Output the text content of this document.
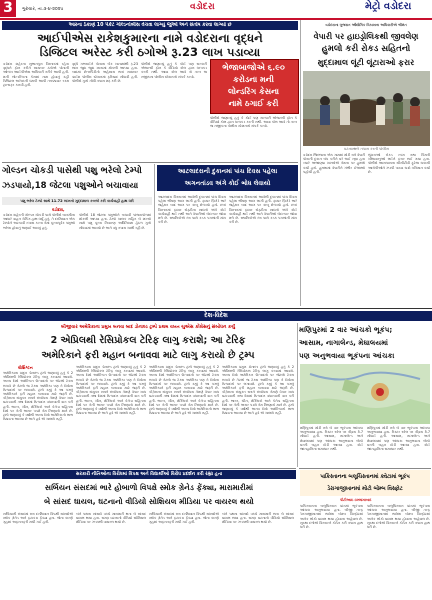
3	ગુરુવાર, તા.૩-૪-૨૦૨૫	વડોદરા	મેટ્રો વડોદરા
આરના ઠેકાણે 10 પેકેટ ગોલ્ડનોબીસ વેચવા લાગ્યું જુઓ અને સંતોષ કરવા લાગ્યો છે
આઈપીએસ રાકેશકુમારના નામે વડોદરાના વૃદ્ધને
ડિજિટલ અરેસ્ટ કરી ઠગોએ રૂ.23 લાખ પડાવ્યા

વડોદરા શહેરના સુભાનપુરા વિસ્તારમાં રહેતા વૃદ્ધને ફોન કરીને સાયબર ઠગોએ પોતાની ઓળખ આઈપીએસ અધિકારી તરીકે આપી હતી. મની લોન્ડરિંગના કેસમાં નામ હોવાનું કહી ડિજિટલ અરેસ્ટની ધમકી આપી તબક્કાવાર રકમ ટ્રાન્સફર કરાવી હતી.

વૃદ્ધે ગભરાઈને પોતાના બેંક ખાતામાંથી રૂ.23 લાખ જુદા જુદા ખાતામાં મોકલી આપ્યા હતા. બાદમાં છેતરપિંડીનો અહેસાસ થતાં સાયબર ક્રાઈમ પોલીસ સ્ટેશનમાં ફરિયાદ નોંધાવી હતી. પોલીસે ગુનો નોંધી તપાસ શરૂ કરી છે.

પોલીસે જણાવ્યું હતું કે કોઈ પણ સરકારી એજન્સી ફોન કે વીડિયો કોલ દ્વારા ધરપકડ કરતી નથી. આવા કોલ આવે તો તરત જ નજીકના પોલીસ સ્ટેશનનો સંપર્ક કરવો.

ભેજાબાજોએ ૬.૯૦
કરોડના મની
લોન્ડરિંગ કેસના
નામે ઠગાઈ કરી

પોલીસે જણાવ્યું હતું કે કોઈ પણ સરકારી એજન્સી ફોન કે વીડિયો કોલ દ્વારા ધરપકડ કરતી નથી. આવા કોલ આવે તો તરત જ નજીકના પોલીસ સ્ટેશનનો સંપર્ક કરવો.

ગોલ્ડન ચોકડી પાસેથી પશુ ભરેલો ટેમ્પો
ઝડપાયો,18 જેટલા પશુઓને બચાવાયા
પશુ ભરેલ ટેમ્પો સાથે 11.72 લાખનો મુદ્દામાલ કબજે કરી કાર્યવાહી હાથ ધરી
વડોદરા,

વડોદરા શહેરની ગોલ્ડન ચોકડી પાસે પોલીસે બાતમીના આધારે વાહન ચેકિંગ હાથ ધર્યું હતું. તે દરમિયાન એક ટેમ્પોને અટકાવી તપાસ કરતા તેમાં ક્રૂરતાપૂર્વક પશુઓ ભરેલા હોવાનું જણાઈ આવ્યું હતું.

પોલીસે 18 જેટલા પશુઓને બચાવી પાંજરાપોળમાં મોકલી આપ્યા હતા. ટેમ્પો ચાલક સહિત બે શખ્સો સામે પશુ ક્રૂરતા નિવારણ અધિનિયમ હેઠળ ગુનો નોંધવામાં આવ્યો છે અને વધુ તપાસ ચાલી રહી છે.

આટલાદરાની દુકાનમાં પાંચ દિવસ પહેલા
અગનતાંડવ અંગે કોઈ બોધ લેવાયો

આટલાદરા વિસ્તારમાં આવેલી દુકાનમાં પાંચ દિવસ પહેલા ભીષણ આગ લાગી હતી. ફાયર બ્રિગેડે ભારે જહેમત બાદ આગ પર કાબૂ મેળવ્યો હતો. છતાં વિસ્તારમાં ફાયર સેફ્ટીના સાધનો અંગે કોઈ કાર્યવાહી થઈ નથી અને વેપારીઓ બેદરકાર જોવા મળે છે. સ્થાનિકોએ તંત્ર પાસે કડક પગલાંની માંગ કરી છે.

આટલાદરા વિસ્તારમાં આવેલી દુકાનમાં પાંચ દિવસ પહેલા ભીષણ આગ લાગી હતી. ફાયર બ્રિગેડે ભારે જહેમત બાદ આગ પર કાબૂ મેળવ્યો હતો. છતાં વિસ્તારમાં ફાયર સેફ્ટીના સાધનો અંગે કોઈ કાર્યવાહી થઈ નથી અને વેપારીઓ બેદરકાર જોવા મળે છે. સ્થાનિકોએ તંત્ર પાસે કડક પગલાંની માંગ કરી છે.

વડોદરાના ગુજરાત ઔદ્યોગિક વિકાસના અધિકારીએ શ્રીમંત
વેપારી પર હાઇડ્રોલિકથી જીવલેણ
હુમલો કરી રોકડ સહિતનો
મુદ્દામાલ લૂંટી લૂંટારાઓ ફરાર
ઘટનાસ્થળે તપાસ કરતી પોલીસ

વડોદરા જિલ્લાના એક ગામમાં મોડી રાત્રે વેપારી પોતાની દુકાન બંધ કરીને ઘરે જઈ રહ્યા હતા ત્યારે અજાણ્યા શખ્સોએ તેમના પર હુમલો કર્યો હતો. હુમલામાં વેપારીને ગંભીર ઈજાઓ પહોંચી હતી.

લૂંટારાઓ રોકડ રકમ તથા કિંમતી ચીજવસ્તુઓ લઈને ફરાર થઈ ગયા હતા. પોલીસે આસપાસના સીસીટીવી ફૂટેજ ચકાસી આરોપીઓને ઝડપી પાડવા ચક્રો ગતિમાન કર્યા છે.

દેશ-વિદેશ
બીજીવાર અમેરિકાના પ્રમુખ બનવા બાદ ડોનાલ્ડ ટ્રમ્પે પ્રથમ વખત યુએસ કોંગ્રેસનું સંબોધન કર્યું
2 એપ્રિલથી રેસિપ્રોકલ ટેરિફ લાગુ કરાશે; આ ટેરિફ
અમેરિકાને ફરી મહાન બનાવવા માટે લાગુ કરાયો છે ટ્રમ્પ
વોશિંગ્ટન

અમેરિકાના પ્રમુખ ડોનાલ્ડ ટ્રમ્પે જણાવ્યું હતું કે 2 એપ્રિલથી રેસિપ્રોકલ ટેરિફ લાગુ કરવામાં આવશે. અન્ય દેશો અમેરિકન ઉત્પાદનો પર જેટલો ટેક્સ લગાવે છે તેટલો જ ટેક્સ અમેરિકા પણ તે દેશોના ઉત્પાદનો પર લગાવશે. ટ્રમ્પે કહ્યું કે આ પગલું અમેરિકાને ફરી મહાન બનાવવા માટે જરૂરી છે. કોંગ્રેસના સંયુક્ત સત્રને સંબોધતા તેમણે વેપાર ખાધ ઘટાડવાની તથા દેશમાં ઉત્પાદન વધારવાની વાત કરી હતી. ભારત, ચીન, મેક્સિકો અને કેનેડા સહિતના દેશો પર તેની અસર પડશે તેમ નિષ્ણાતો માને છે. ટ્રમ્પે જણાવ્યું કે વર્ષોથી અન્ય દેશો અમેરિકાનો લાભ ઉઠાવતા આવ્યા છે અને હવે એ ચાલશે નહીં.

અમેરિકાના પ્રમુખ ડોનાલ્ડ ટ્રમ્પે જણાવ્યું હતું કે 2 એપ્રિલથી રેસિપ્રોકલ ટેરિફ લાગુ કરવામાં આવશે. અન્ય દેશો અમેરિકન ઉત્પાદનો પર જેટલો ટેક્સ લગાવે છે તેટલો જ ટેક્સ અમેરિકા પણ તે દેશોના ઉત્પાદનો પર લગાવશે. ટ્રમ્પે કહ્યું કે આ પગલું અમેરિકાને ફરી મહાન બનાવવા માટે જરૂરી છે. કોંગ્રેસના સંયુક્ત સત્રને સંબોધતા તેમણે વેપાર ખાધ ઘટાડવાની તથા દેશમાં ઉત્પાદન વધારવાની વાત કરી હતી. ભારત, ચીન, મેક્સિકો અને કેનેડા સહિતના દેશો પર તેની અસર પડશે તેમ નિષ્ણાતો માને છે. ટ્રમ્પે જણાવ્યું કે વર્ષોથી અન્ય દેશો અમેરિકાનો લાભ ઉઠાવતા આવ્યા છે અને હવે એ ચાલશે નહીં.

અમેરિકાના પ્રમુખ ડોનાલ્ડ ટ્રમ્પે જણાવ્યું હતું કે 2 એપ્રિલથી રેસિપ્રોકલ ટેરિફ લાગુ કરવામાં આવશે. અન્ય દેશો અમેરિકન ઉત્પાદનો પર જેટલો ટેક્સ લગાવે છે તેટલો જ ટેક્સ અમેરિકા પણ તે દેશોના ઉત્પાદનો પર લગાવશે. ટ્રમ્પે કહ્યું કે આ પગલું અમેરિકાને ફરી મહાન બનાવવા માટે જરૂરી છે. કોંગ્રેસના સંયુક્ત સત્રને સંબોધતા તેમણે વેપાર ખાધ ઘટાડવાની તથા દેશમાં ઉત્પાદન વધારવાની વાત કરી હતી. ભારત, ચીન, મેક્સિકો અને કેનેડા સહિતના દેશો પર તેની અસર પડશે તેમ નિષ્ણાતો માને છે. ટ્રમ્પે જણાવ્યું કે વર્ષોથી અન્ય દેશો અમેરિકાનો લાભ ઉઠાવતા આવ્યા છે અને હવે એ ચાલશે નહીં.

અમેરિકાના પ્રમુખ ડોનાલ્ડ ટ્રમ્પે જણાવ્યું હતું કે 2 એપ્રિલથી રેસિપ્રોકલ ટેરિફ લાગુ કરવામાં આવશે. અન્ય દેશો અમેરિકન ઉત્પાદનો પર જેટલો ટેક્સ લગાવે છે તેટલો જ ટેક્સ અમેરિકા પણ તે દેશોના ઉત્પાદનો પર લગાવશે. ટ્રમ્પે કહ્યું કે આ પગલું અમેરિકાને ફરી મહાન બનાવવા માટે જરૂરી છે. કોંગ્રેસના સંયુક્ત સત્રને સંબોધતા તેમણે વેપાર ખાધ ઘટાડવાની તથા દેશમાં ઉત્પાદન વધારવાની વાત કરી હતી. ભારત, ચીન, મેક્સિકો અને કેનેડા સહિતના દેશો પર તેની અસર પડશે તેમ નિષ્ણાતો માને છે. ટ્રમ્પે જણાવ્યું કે વર્ષોથી અન્ય દેશો અમેરિકાનો લાભ ઉઠાવતા આવ્યા છે અને હવે એ ચાલશે નહીં.

મણિપુરમાં 2 વાર આંચકો ભૂકંપ;
આસામ, નાગાલેન્ડ, મેઘાલયમાં
પણ અનુભવાયા ભૂકંપના આંચકા

મણિપુરમાં મોડી રાત્રે બે વાર ભૂકંપના આંચકા અનુભવાયા હતા. રિક્ટર સ્કેલ પર તીવ્રતા 5.7 નોંધાઈ હતી. આસામ, નાગાલેન્ડ અને મેઘાલયમાં પણ આંચકા અનુભવાતા લોકો ઘરની બહાર દોડી આવ્યા હતા. કોઈ જાનહાનિના સમાચાર નથી.

મણિપુરમાં મોડી રાત્રે બે વાર ભૂકંપના આંચકા અનુભવાયા હતા. રિક્ટર સ્કેલ પર તીવ્રતા 5.7 નોંધાઈ હતી. આસામ, નાગાલેન્ડ અને મેઘાલયમાં પણ આંચકા અનુભવાતા લોકો ઘરની બહાર દોડી આવ્યા હતા. કોઈ જાનહાનિના સમાચાર નથી.

પાકિસ્તાનના બલૂચિસ્તાનમાં ક્વેટામાં ભૂકંપ
ડેરાગાજીખાનમાં મોટો બોમ્બ વિસ્ફોટ
પીટીઆઇ ઇસ્લામાબાદ

પાકિસ્તાનના બલૂચિસ્તાન પ્રાંતમાં ભૂકંપના આંચકા અનુભવાયા હતા. બીજી તરફ ડેરાગાજીખાનમાં થયેલા બોમ્બ વિસ્ફોટમાં અનેક લોકો ઘાયલ થયા હોવાના અહેવાલ છે. સુરક્ષા દળોએ વિસ્તારને કોર્ડન કરી તપાસ હાથ ધરી છે.

પાકિસ્તાનના બલૂચિસ્તાન પ્રાંતમાં ભૂકંપના આંચકા અનુભવાયા હતા. બીજી તરફ ડેરાગાજીખાનમાં થયેલા બોમ્બ વિસ્ફોટમાં અનેક લોકો ઘાયલ થયા હોવાના અહેવાલ છે. સુરક્ષા દળોએ વિસ્તારને કોર્ડન કરી તપાસ હાથ ધરી છે.

સરકારી નીતિઓના વિરોધમાં વિપક્ષ અને વિદ્યાર્થીઓ વિરોધ પ્રદર્શન કરી રહ્યા હતા
સર્બિયન સંસદમાં ભારે હોબાળો વિપક્ષે સ્મોક ગ્રેનેડ ફેંક્યા, મારામારીમાં
બે સાંસદ ઘાયલ, ઘટનાનો વીડિયો સોશિયલ મીડિયા પર વાયરલ થયો

સર્બિયાની સંસદમાં સત્ર દરમિયાન વિપક્ષી સાંસદોએ સ્મોક ગ્રેનેડ અને ફટાકડા ફેંક્યા હતા. જેના કારણે ગૃહમાં અફરાતફરી મચી ગઈ હતી.

બંને પક્ષના સાંસદો વચ્ચે મારામારી થતા બે સાંસદ ઘાયલ થયા હતા. સમગ્ર ઘટનાનો વીડિયો સોશિયલ મીડિયા પર ઝડપથી વાયરલ થયો છે.

સર્બિયાની સંસદમાં સત્ર દરમિયાન વિપક્ષી સાંસદોએ સ્મોક ગ્રેનેડ અને ફટાકડા ફેંક્યા હતા. જેના કારણે ગૃહમાં અફરાતફરી મચી ગઈ હતી.

બંને પક્ષના સાંસદો વચ્ચે મારામારી થતા બે સાંસદ ઘાયલ થયા હતા. સમગ્ર ઘટનાનો વીડિયો સોશિયલ મીડિયા પર ઝડપથી વાયરલ થયો છે.
